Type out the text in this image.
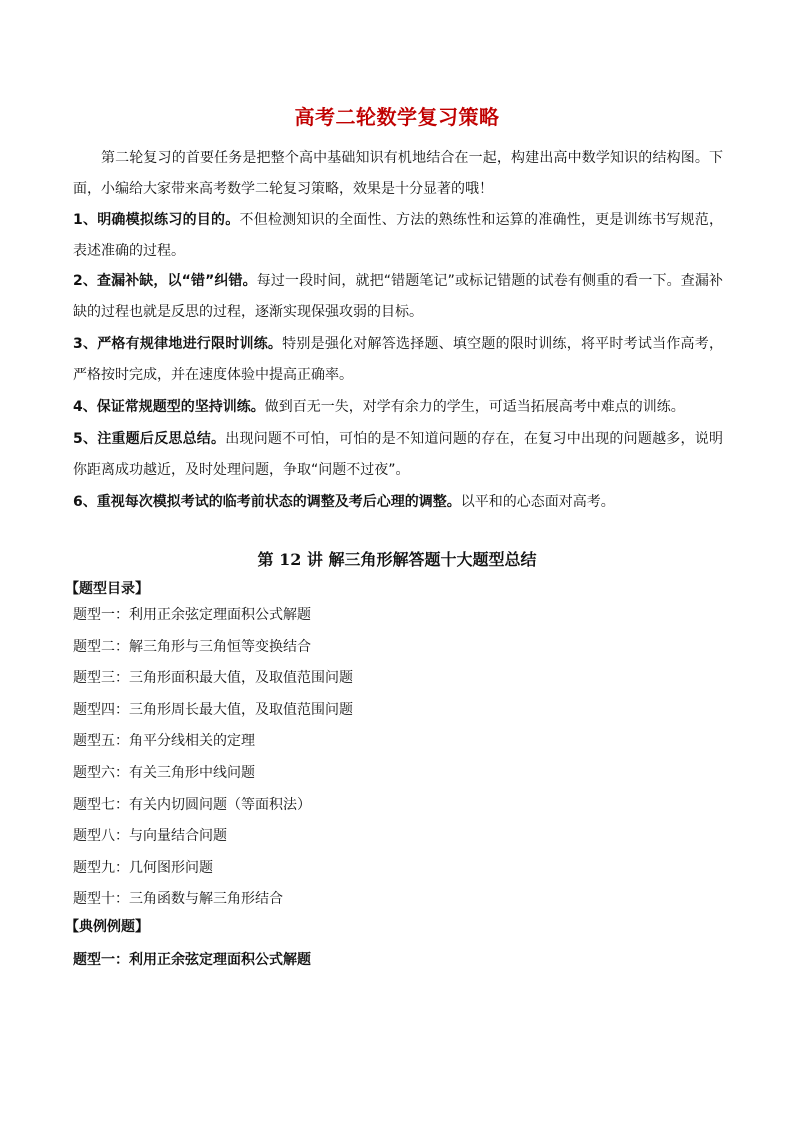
高考二轮数学复习策略
第二轮复习的首要任务是把整个高中基础知识有机地结合在一起，构建出高中数学知识的结构图。下面，小编给大家带来高考数学二轮复习策略，效果是十分显著的哦！
1、明确模拟练习的目的。不但检测知识的全面性、方法的熟练性和运算的准确性，更是训练书写规范，表述准确的过程。
2、查漏补缺，以“错”纠错。每过一段时间，就把“错题笔记”或标记错题的试卷有侧重的看一下。查漏补缺的过程也就是反思的过程，逐渐实现保强攻弱的目标。
3、严格有规律地进行限时训练。特别是强化对解答选择题、填空题的限时训练，将平时考试当作高考，严格按时完成，并在速度体验中提高正确率。
4、保证常规题型的坚持训练。做到百无一失，对学有余力的学生，可适当拓展高考中难点的训练。
5、注重题后反思总结。出现问题不可怕，可怕的是不知道问题的存在，在复习中出现的问题越多，说明你距离成功越近，及时处理问题，争取“问题不过夜”。
6、重视每次模拟考试的临考前状态的调整及考后心理的调整。以平和的心态面对高考。
第 12 讲 解三角形解答题十大题型总结
【题型目录】
题型一：利用正余弦定理面积公式解题
题型二：解三角形与三角恒等变换结合
题型三：三角形面积最大值，及取值范围问题
题型四：三角形周长最大值，及取值范围问题
题型五：角平分线相关的定理
题型六：有关三角形中线问题
题型七：有关内切圆问题（等面积法）
题型八：与向量结合问题
题型九：几何图形问题
题型十：三角函数与解三角形结合
【典例例题】
题型一：利用正余弦定理面积公式解题
